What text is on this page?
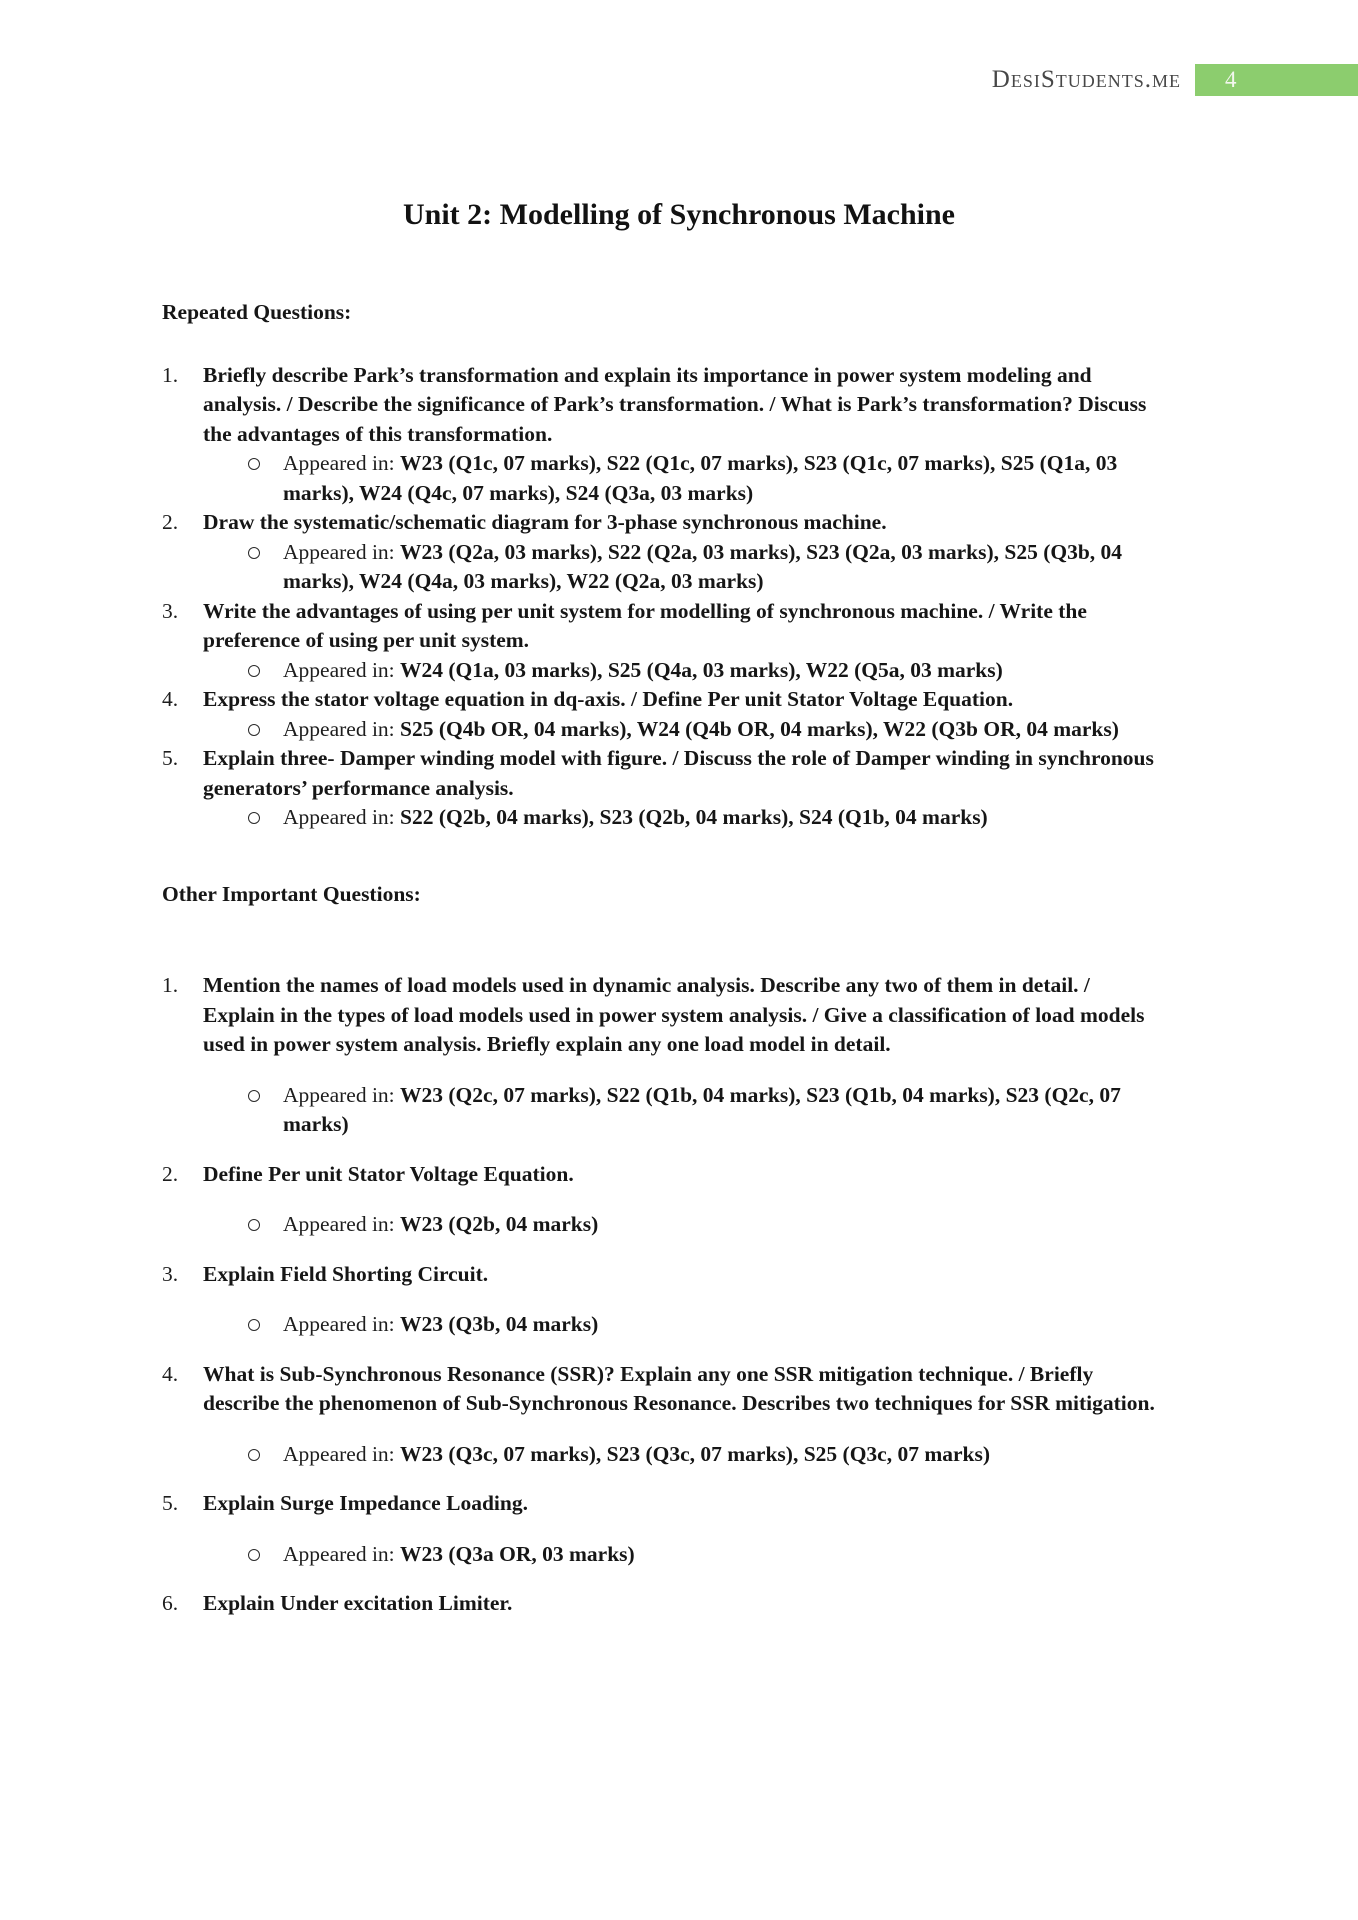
DesiStudents.me	4
Unit 2: Modelling of Synchronous Machine
Repeated Questions:
1.	Briefly describe Park’s transformation and explain its importance in power system modeling and analysis. / Describe the significance of Park’s transformation. / What is Park’s transformation? Discuss the advantages of this transformation.

Appeared in: W23 (Q1c, 07 marks), S22 (Q1c, 07 marks), S23 (Q1c, 07 marks), S25 (Q1a, 03 marks), W24 (Q4c, 07 marks), S24 (Q3a, 03 marks)

2.	Draw the systematic/schematic diagram for 3-phase synchronous machine.

Appeared in: W23 (Q2a, 03 marks), S22 (Q2a, 03 marks), S23 (Q2a, 03 marks), S25 (Q3b, 04 marks), W24 (Q4a, 03 marks), W22 (Q2a, 03 marks)

3.	Write the advantages of using per unit system for modelling of synchronous machine. / Write the preference of using per unit system.

Appeared in: W24 (Q1a, 03 marks), S25 (Q4a, 03 marks), W22 (Q5a, 03 marks)

4.	Express the stator voltage equation in dq-axis. / Define Per unit Stator Voltage Equation.

Appeared in: S25 (Q4b OR, 04 marks), W24 (Q4b OR, 04 marks), W22 (Q3b OR, 04 marks)

5.	Explain three- Damper winding model with figure. / Discuss the role of Damper winding in synchronous generators’ performance analysis.

Appeared in: S22 (Q2b, 04 marks), S23 (Q2b, 04 marks), S24 (Q1b, 04 marks)

Other Important Questions:
1.	Mention the names of load models used in dynamic analysis. Describe any two of them in detail. / Explain in the types of load models used in power system analysis. / Give a classification of load models used in power system analysis. Briefly explain any one load model in detail.

Appeared in: W23 (Q2c, 07 marks), S22 (Q1b, 04 marks), S23 (Q1b, 04 marks), S23 (Q2c, 07 marks)

2.	Define Per unit Stator Voltage Equation.

Appeared in: W23 (Q2b, 04 marks)

3.	Explain Field Shorting Circuit.

Appeared in: W23 (Q3b, 04 marks)

4.	What is Sub-Synchronous Resonance (SSR)? Explain any one SSR mitigation technique. / Briefly describe the phenomenon of Sub-Synchronous Resonance. Describes two techniques for SSR mitigation.

Appeared in: W23 (Q3c, 07 marks), S23 (Q3c, 07 marks), S25 (Q3c, 07 marks)

5.	Explain Surge Impedance Loading.

Appeared in: W23 (Q3a OR, 03 marks)

6.	Explain Under excitation Limiter.
